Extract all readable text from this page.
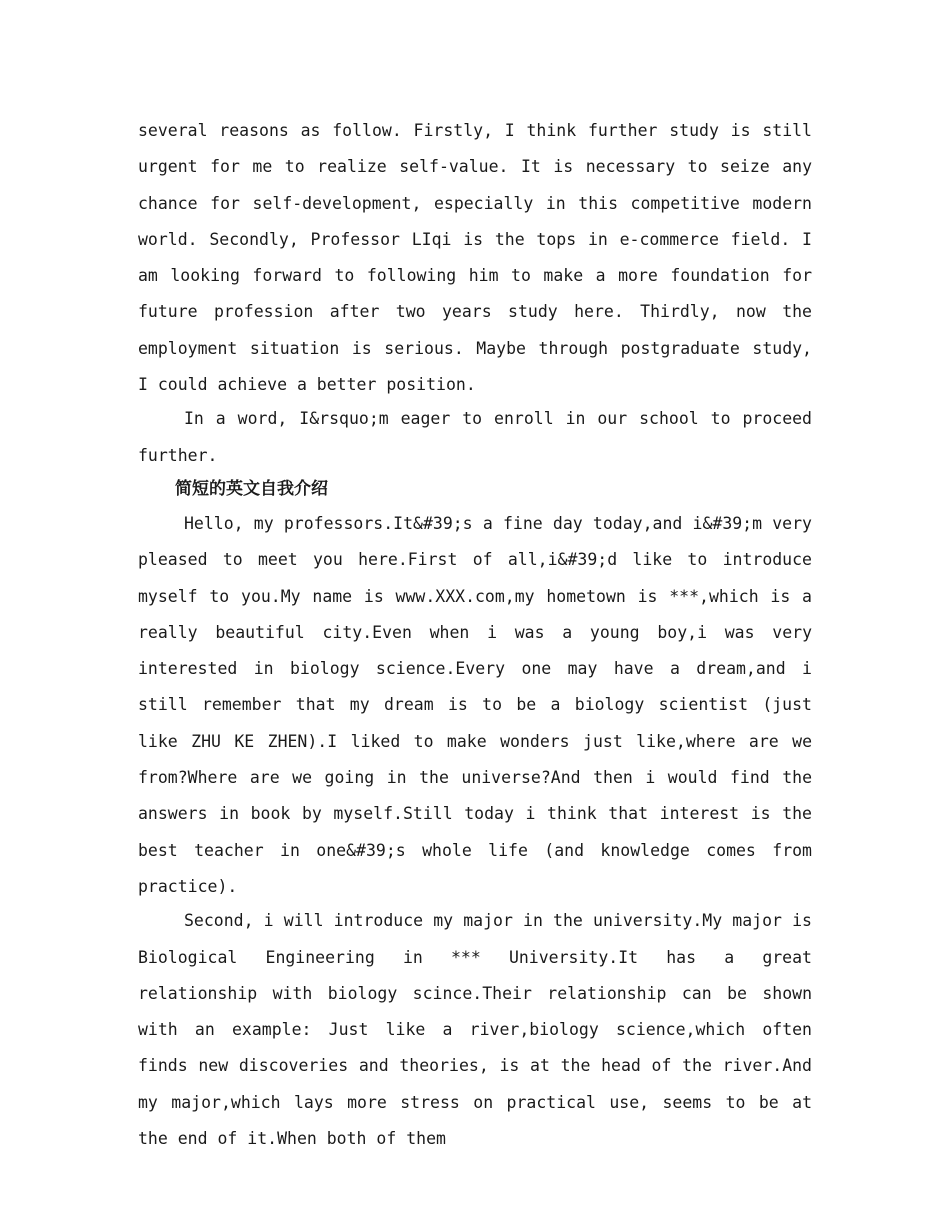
several reasons as follow. Firstly, I think further study is still urgent for me to realize self-value. It is necessary to seize any chance for self-development, especially in this competitive modern world. Secondly, Professor LIqi is the tops in e-commerce field. I am looking forward to following him to make a more foundation for future profession after two years study here. Thirdly, now the employment situation is serious. Maybe through postgraduate study, I could achieve a better position.

In a word, I&rsquo;m eager to enroll in our school to proceed further.

简短的英文自我介绍

Hello, my professors.It&#39;s a fine day today,and i&#39;m very pleased to meet you here.First of all,i&#39;d like to introduce myself to you.My name is www.XXX.com,my hometown is ***,which is a really beautiful city.Even when i was a young boy,i was very interested in biology science.Every one may have a dream,and i still remember that my dream is to be a biology scientist (just like ZHU KE ZHEN).I liked to make wonders just like,where are we from?Where are we going in the universe?And then i would find the answers in book by myself.Still today i think that interest is the best teacher in one&#39;s whole life (and knowledge comes from practice).

Second, i will introduce my major in the university.My major is Biological Engineering in *** University.It has a great relationship with biology scince.Their relationship can be shown with an example: Just like a river,biology science,which often finds new discoveries and theories, is at the head of the river.And my major,which lays more stress on practical use, seems to be at the end of it.When both of them
